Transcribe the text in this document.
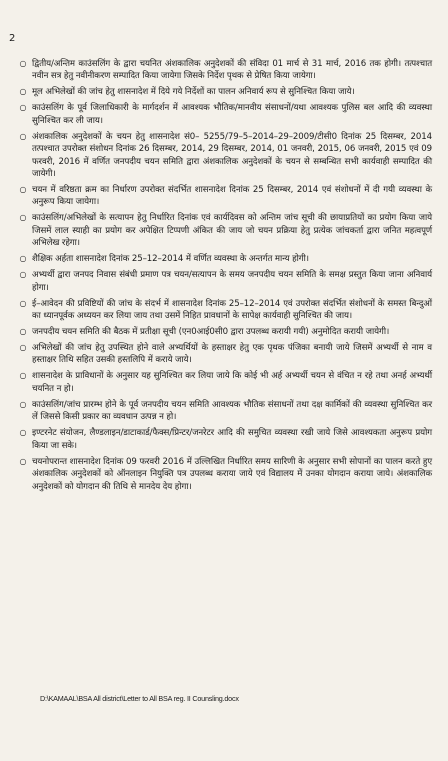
2
○ द्वितीय/अन्तिम काउंसलिंग के द्वारा चयनित अंशकालिक अनुदेशकों की संविदा 01 मार्च से 31 मार्च, 2016 तक होगी। तत्पश्चात नवीन सत्र हेतु नवीनीकरण सम्पादित किया जायेगा जिसके निर्देश पृथक से प्रेषित किया जायेगा।
○ मूल अभिलेखों की जांच हेतु शासनादेश में दिये गये निर्देशों का पालन अनिवार्य रूप से सुनिश्चित किया जाये।
○ काउंसलिंग के पूर्व जिलाधिकारी के मार्गदर्शन में आवश्यक भौतिक/मानवीय संसाधनों/यथा आवश्यक पुलिस बल आदि की व्यवस्था सुनिश्चित कर ली जाय।
○ अंशकालिक अनुदेशकों के चयन हेतु शासनादेश सं0– 5255/79–5–2014–29–2009/टीसी0 दिनांक 25 दिसम्बर, 2014 तत्पश्चात उपरोक्त संशोधन दिनांक 26 दिसम्बर, 2014, 29 दिसम्बर, 2014, 01 जनवरी, 2015, 06 जनवरी, 2015 एवं 09 फरवरी, 2016 में वर्णित जनपदीय चयन समिति द्वारा अंशकालिक अनुदेशकों के चयन से सम्बन्धित सभी कार्यवाही सम्पादित की जायेगी।
○ चयन में वरिष्ठता क्रम का निर्धारण उपरोक्त संदर्भित शासनादेश दिनांक 25 दिसम्बर, 2014 एवं संशोधनों में दी गयी व्यवस्था के अनुरूप किया जायेगा।
○ काउंसलिंग/अभिलेखों के सत्यापन हेतु निर्धारित दिनांक एवं कार्यदिवस को अन्तिम जांच सूची की छायाप्रतियों का प्रयोग किया जाये जिसमें लाल स्याही का प्रयोग कर अपेक्षित टिप्पणी अंकित की जाय जो चयन प्रक्रिया हेतु प्रत्येक जांचकर्ता द्वारा जनित महत्वपूर्ण अभिलेख रहेगा।
○ शैक्षिक अर्हता शासनादेश दिनांक 25–12–2014 में वर्णित व्यवस्था के अन्तर्गत मान्य होगी।
○ अभ्यर्थी द्वारा जनपद निवास संबंधी प्रमाण पत्र चयन/सत्यापन के समय जनपदीय चयन समिति के समक्ष प्रस्तुत किया जाना अनिवार्य होगा।
○ ई–आवेदन की प्रविष्टियों की जांच के संदर्भ में शासनादेश दिनांक 25–12–2014 एवं उपरोक्त संदर्भित संशोधनों के समस्त बिन्दुओं का ध्यानपूर्वक अध्ययन कर लिया जाय तथा उसमें निहित प्रावधानों के सापेक्ष कार्यवाही सुनिश्चित की जाय।
○ जनपदीय चयन समिति की बैठक में प्रतीक्षा सूची (एन0आई0सी0 द्वारा उपलब्ध करायी गयी) अनुमोदित करायी जायेगी।
○ अभिलेखों की जांच हेतु उपस्थित होने वाले अभ्यर्थियों के हस्ताक्षर हेतु एक पृथक पंजिका बनायी जाये जिसमें अभ्यर्थी से नाम व हस्ताक्षर तिथि सहित उसकी हस्तलिपि में कराये जाये।
○ शासनादेश के प्राविधानों के अनुसार यह सुनिश्चित कर लिया जाये कि कोई भी अर्ह अभ्यर्थी चयन से वंचित न रहे तथा अनर्ह अभ्यर्थी चयनित न हो।
○ काउंसलिंग/जांच प्रारम्भ होने के पूर्व जनपदीय चयन समिति आवश्यक भौतिक संसाधनों तथा दक्ष कार्मिकों की व्यवस्था सुनिश्चित कर लें जिससे किसी प्रकार का व्यवधान उत्पन्न न हो।
○ इण्टरनेट संयोजन, लैण्डलाइन/डाटाकार्ड/फैक्स/प्रिन्टर/जनरेटर आदि की समुचित व्यवस्था रखी जाये जिसे आवश्यकता अनुरूप प्रयोग किया जा सके।
○ चयनोपरान्त शासनादेश दिनांक 09 फरवरी 2016 में उल्लिखित निर्धारित समय सारिणी के अनुसार सभी सोपानों का पालन करते हुए अंशकालिक अनुदेशकों को ऑनलाइन नियुक्ति पत्र उपलब्ध कराया जाये एवं विद्यालय में उनका योगदान कराया जाये। अंशकालिक अनुदेशकों को योगदान की तिथि से मानदेय देय होगा।
D:\KAMAAL\BSA All district\Letter to All BSA reg. II Counsling.docx
